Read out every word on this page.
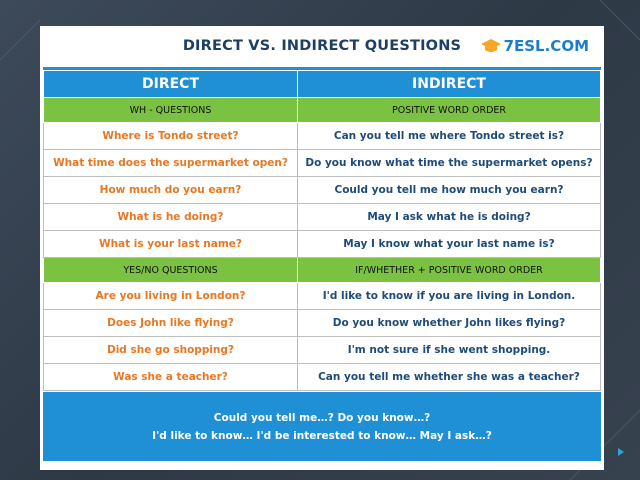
DIRECT VS. INDIRECT QUESTIONS	7ESL.COM
DIRECT	INDIRECT
WH - QUESTIONS	POSITIVE WORD ORDER
Where is Tondo street?	Can you tell me where Tondo street is?
What time does the supermarket open?	Do you know what time the supermarket opens?
How much do you earn?	Could you tell me how much you earn?
What is he doing?	May I ask what he is doing?
What is your last name?	May I know what your last name is?
YES/NO QUESTIONS	IF/WHETHER + POSITIVE WORD ORDER
Are you living in London?	I'd like to know if you are living in London.
Does John like flying?	Do you know whether John likes flying?
Did she go shopping?	I'm not sure if she went shopping.
Was she a teacher?	Can you tell me whether she was a teacher?
Could you tell me…? Do you know…?
I'd like to know… I'd be interested to know… May I ask…?
